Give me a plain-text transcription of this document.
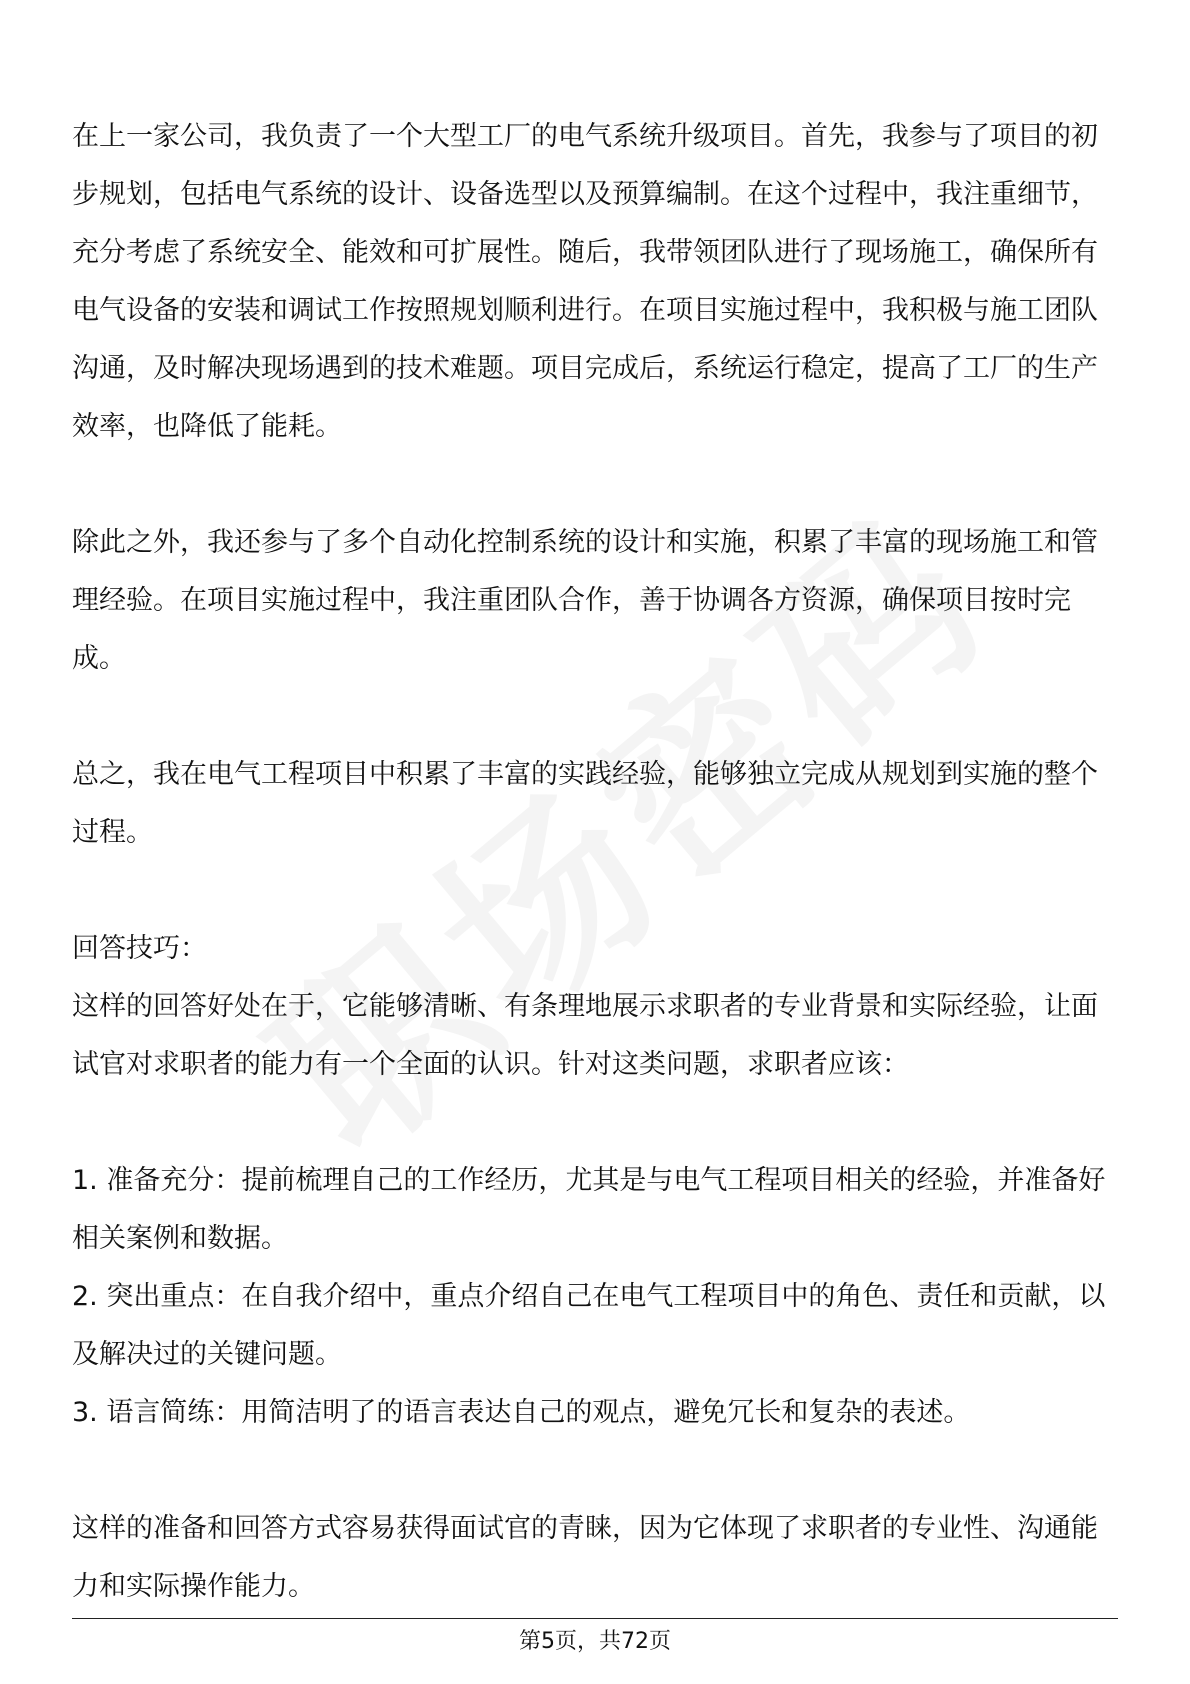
在上一家公司，我负责了一个大型工厂的电气系统升级项目。首先，我参与了项目的初步规划，包括电气系统的设计、设备选型以及预算编制。在这个过程中，我注重细节，充分考虑了系统安全、能效和可扩展性。随后，我带领团队进行了现场施工，确保所有电气设备的安装和调试工作按照规划顺利进行。在项目实施过程中，我积极与施工团队沟通，及时解决现场遇到的技术难题。项目完成后，系统运行稳定，提高了工厂的生产效率，也降低了能耗。

除此之外，我还参与了多个自动化控制系统的设计和实施，积累了丰富的现场施工和管理经验。在项目实施过程中，我注重团队合作，善于协调各方资源，确保项目按时完成。

总之，我在电气工程项目中积累了丰富的实践经验，能够独立完成从规划到实施的整个过程。

回答技巧：

这样的回答好处在于，它能够清晰、有条理地展示求职者的专业背景和实际经验，让面试官对求职者的能力有一个全面的认识。针对这类问题，求职者应该：

1. 准备充分：提前梳理自己的工作经历，尤其是与电气工程项目相关的经验，并准备好相关案例和数据。

2. 突出重点：在自我介绍中，重点介绍自己在电气工程项目中的角色、责任和贡献，以及解决过的关键问题。

3. 语言简练：用简洁明了的语言表达自己的观点，避免冗长和复杂的表述。

这样的准备和回答方式容易获得面试官的青睐，因为它体现了求职者的专业性、沟通能力和实际操作能力。

第5页，共72页
